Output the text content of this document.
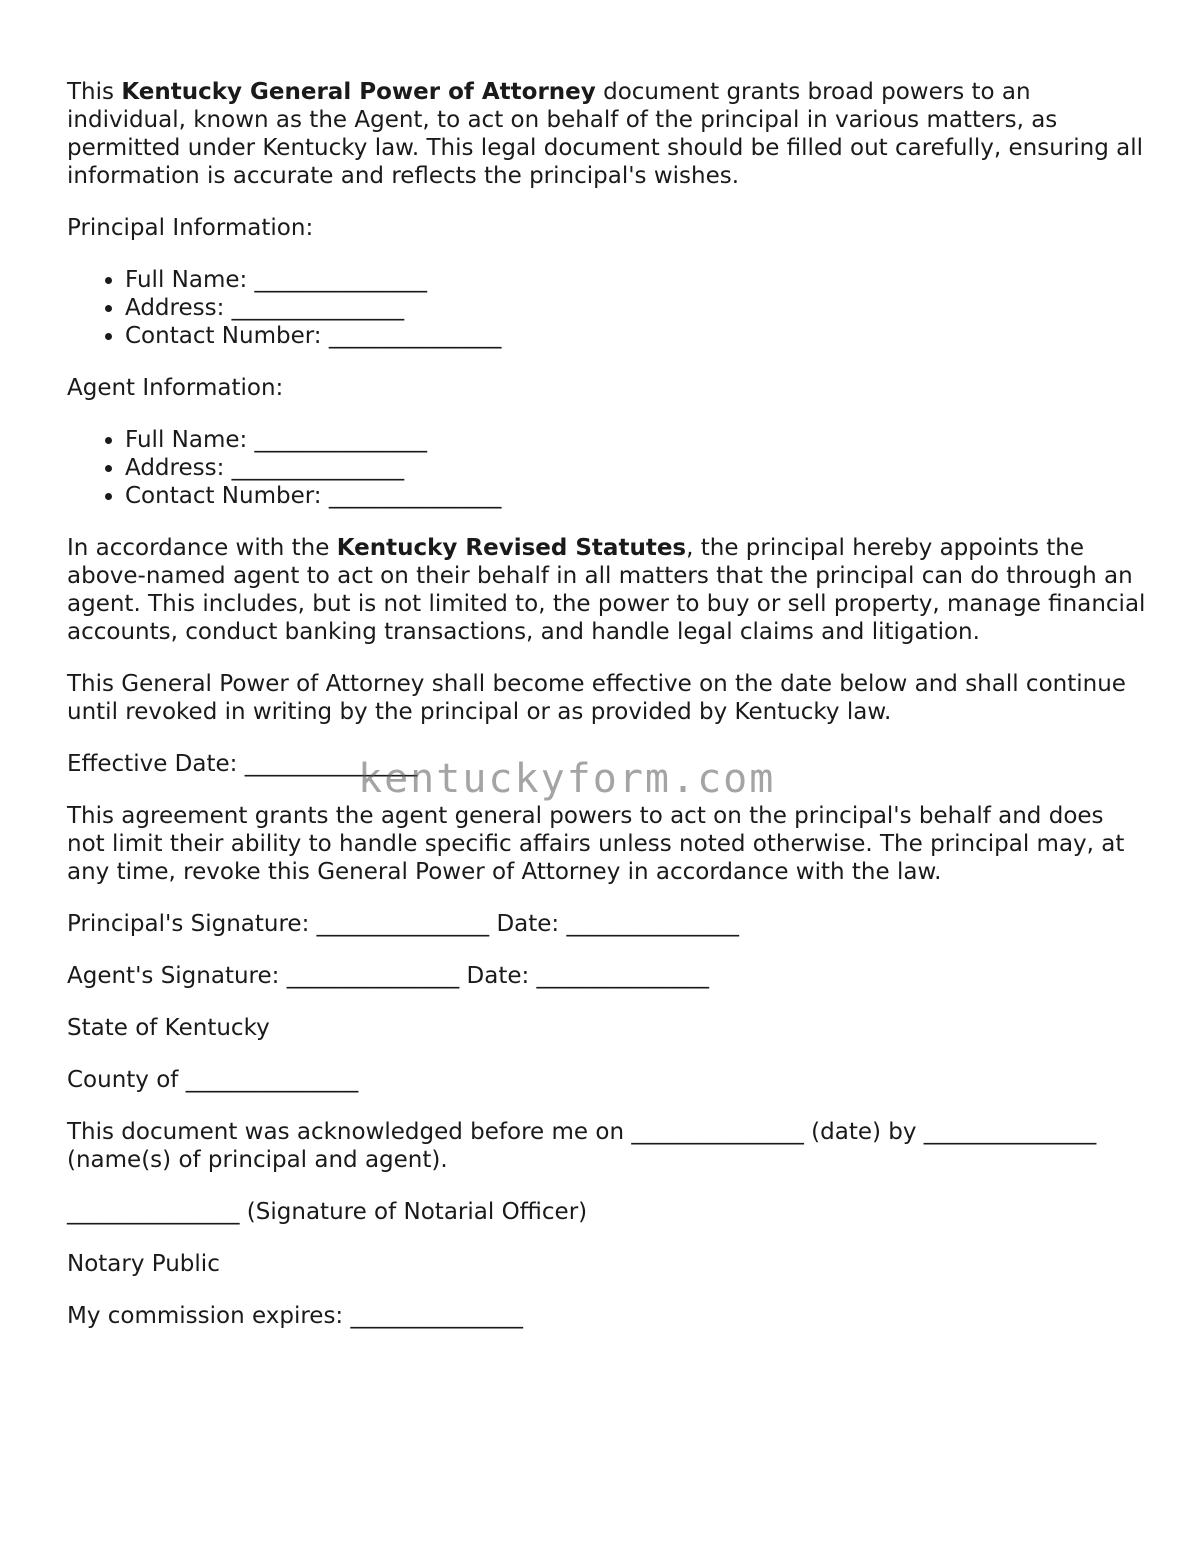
This Kentucky General Power of Attorney document grants broad powers to an individual, known as the Agent, to act on behalf of the principal in various matters, as permitted under Kentucky law. This legal document should be filled out carefully, ensuring all information is accurate and reflects the principal's wishes.

Principal Information:

• Full Name: _______________
• Address: _______________
• Contact Number: _______________

Agent Information:

• Full Name: _______________
• Address: _______________
• Contact Number: _______________

In accordance with the Kentucky Revised Statutes, the principal hereby appoints the above-named agent to act on their behalf in all matters that the principal can do through an agent. This includes, but is not limited to, the power to buy or sell property, manage financial accounts, conduct banking transactions, and handle legal claims and litigation.

This General Power of Attorney shall become effective on the date below and shall continue until revoked in writing by the principal or as provided by Kentucky law.

Effective Date: _______________

This agreement grants the agent general powers to act on the principal's behalf and does not limit their ability to handle specific affairs unless noted otherwise. The principal may, at any time, revoke this General Power of Attorney in accordance with the law.

Principal's Signature: _______________ Date: _______________

Agent's Signature: _______________ Date: _______________

State of Kentucky

County of _______________

This document was acknowledged before me on _______________ (date) by _______________ (name(s) of principal and agent).

_______________ (Signature of Notarial Officer)

Notary Public

My commission expires: _______________

kentuckyform.com
